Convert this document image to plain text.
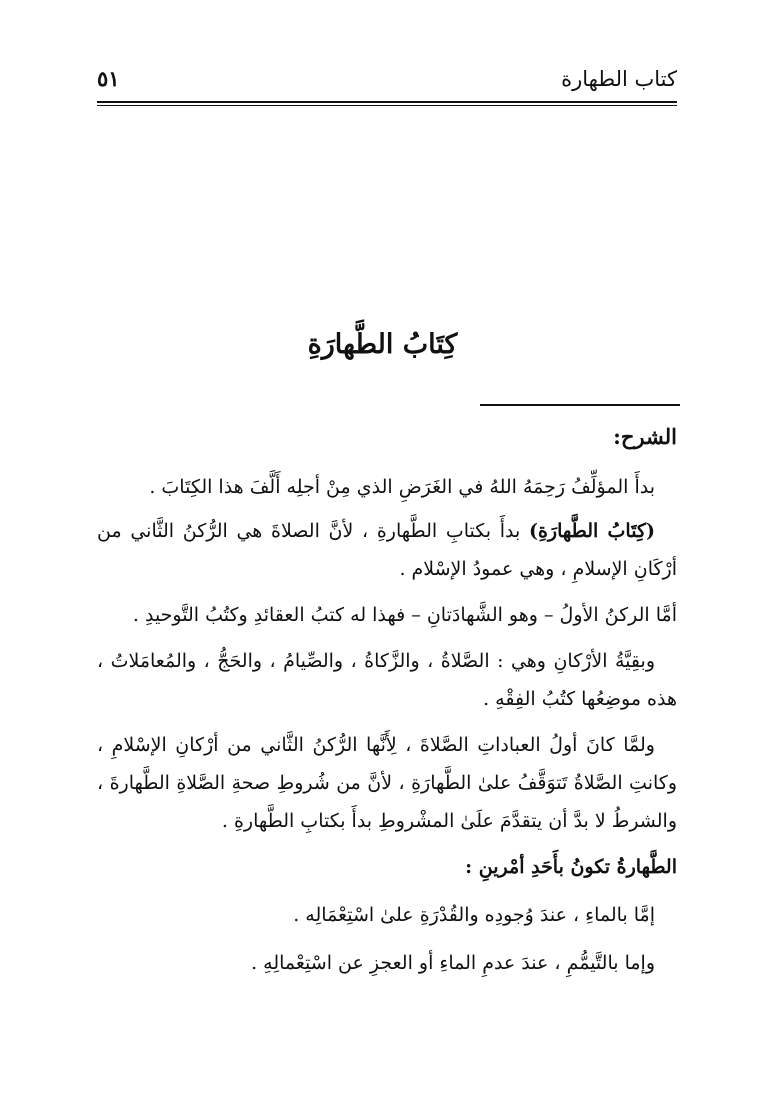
كتاب الطهارة
٥١
كِتَابُ الطَّهارَةِ

الشرح:

بدأَ المؤلِّفُ رَحِمَهُ اللهُ في الغَرَضِ الذي مِنْ أجلِه أَلَّفَ هذا الكِتَابَ .

(كِتَابُ الطَّهارَةِ) بدأَ بكتابِ الطَّهارةِ ، لأنَّ الصلاةَ هي الرُّكنُ الثَّاني من أرْكَانِ الإسلامِ ، وهي عمودُ الإسْلام .

أمَّا الركنُ الأولُ – وهو الشَّهادَتانِ – فهذا له كتبُ العقائدِ وكتُبُ التَّوحيدِ .

وبقِيَّةُ الأرْكانِ وهي : الصَّلاةُ ، والزَّكاةُ ، والصِّيامُ ، والحَجُّ ، والمُعامَلاتُ ، هذه موضِعُها كتُبُ الفِقْهِ .

ولمَّا كانَ أولُ العباداتِ الصَّلاةَ ، لِأَنَّها الرُّكنُ الثَّاني من أرْكانِ الإسْلامِ ، وكانتِ الصَّلاةُ تَتوَقَّفُ علىٰ الطَّهارَةِ ، لأنَّ من شُروطِ صحةِ الصَّلاةِ الطَّهارةَ ، والشرطُ لا بدَّ أن يتقدَّمَ علَىٰ المشْروطِ بدأَ بكتابِ الطَّهارةِ .

الطَّهارةُ تكونُ بأَحَدِ أمْرينِ :

إمَّا بالماءِ ، عندَ وُجودِه والقُدْرَةِ علىٰ اسْتِعْمَالِه .

وإما بالتَّيمُّمِ ، عندَ عدمِ الماءِ أو العجزِ عن اسْتِعْمالِهِ .
